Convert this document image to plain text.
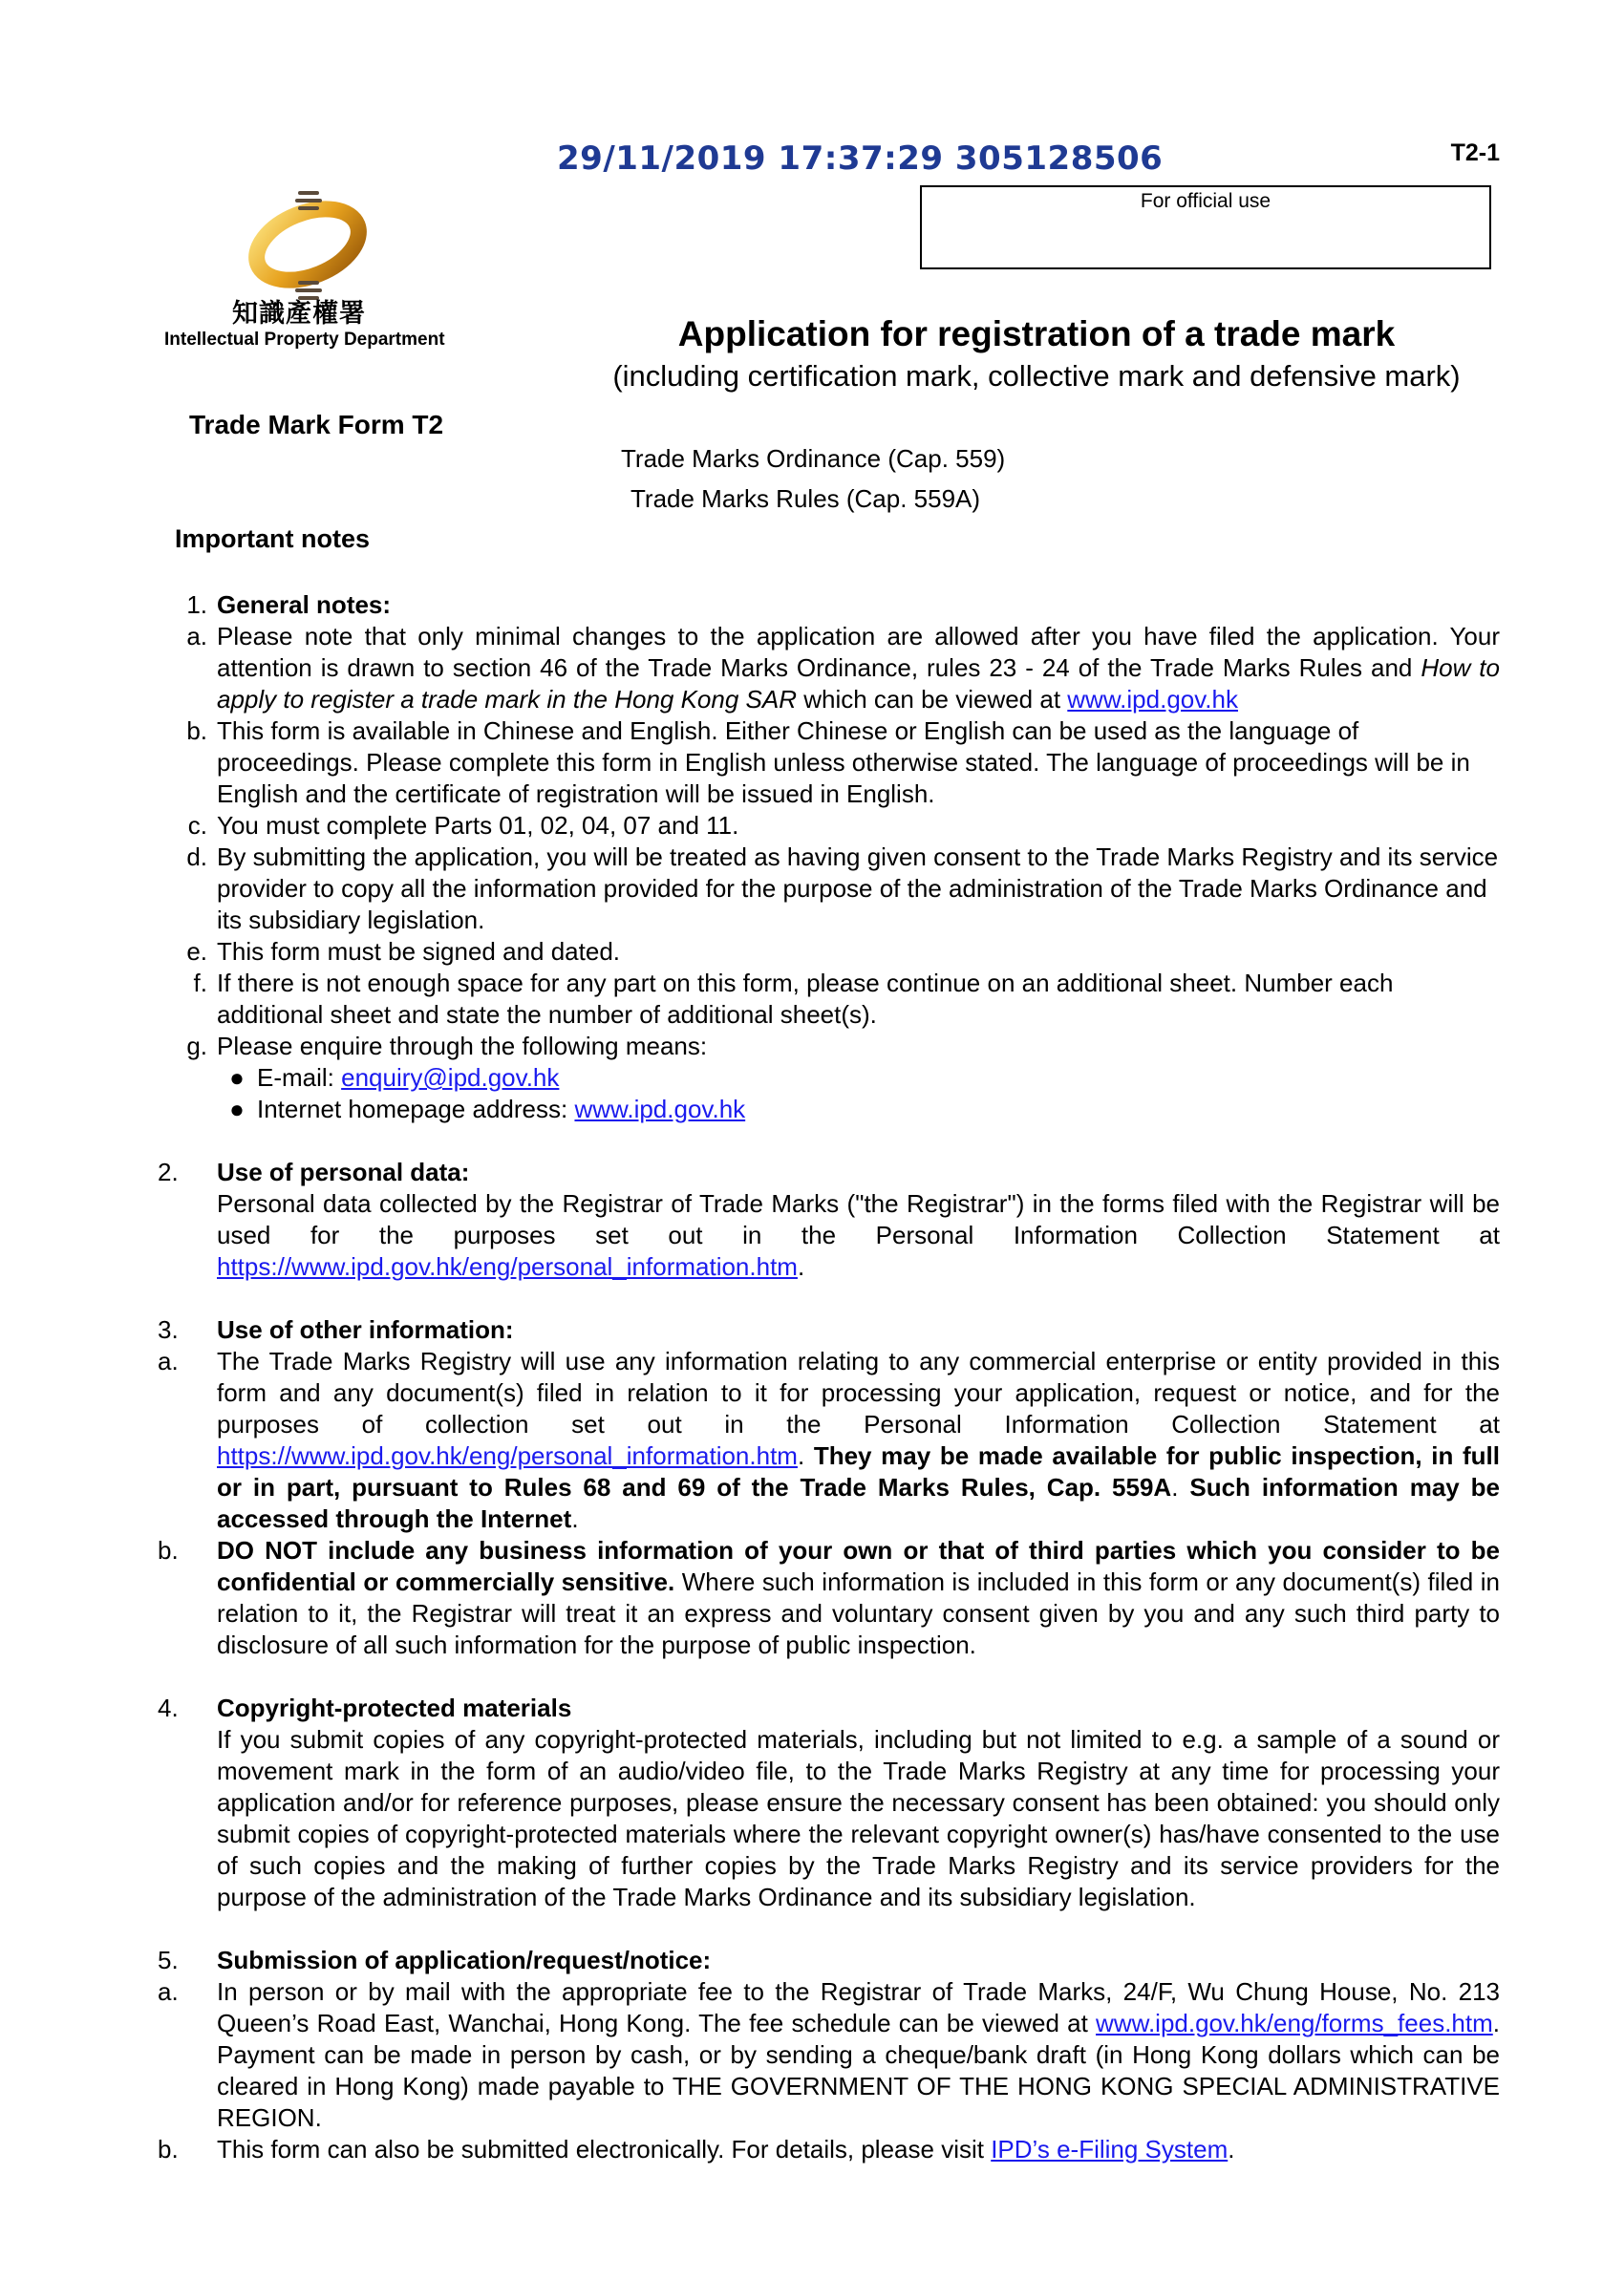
29/11/2019 17:37:29 305128506	T2-1
For official use
知識產權署
Intellectual Property Department	Application for registration of a trade mark
(including certification mark, collective mark and defensive mark)
Trade Mark Form T2
Trade Marks Ordinance (Cap. 559)
Trade Marks Rules (Cap. 559A)
Important notes
1. General notes:
a. Please note that only minimal changes to the application are allowed after you have filed the application. Your attention is drawn to section 46 of the Trade Marks Ordinance, rules 23 - 24 of the Trade Marks Rules and How to apply to register a trade mark in the Hong Kong SAR which can be viewed at www.ipd.gov.hk
b. This form is available in Chinese and English. Either Chinese or English can be used as the language of proceedings. Please complete this form in English unless otherwise stated. The language of proceedings will be in English and the certificate of registration will be issued in English.
c. You must complete Parts 01, 02, 04, 07 and 11.
d. By submitting the application, you will be treated as having given consent to the Trade Marks Registry and its service provider to copy all the information provided for the purpose of the administration of the Trade Marks Ordinance and its subsidiary legislation.
e. This form must be signed and dated.
f. If there is not enough space for any part on this form, please continue on an additional sheet. Number each additional sheet and state the number of additional sheet(s).
g. Please enquire through the following means:
● E-mail: enquiry@ipd.gov.hk
● Internet homepage address: www.ipd.gov.hk
2.	Use of personal data:
Personal data collected by the Registrar of Trade Marks ("the Registrar") in the forms filed with the Registrar will be used for the purposes set out in the Personal Information Collection Statement at https://www.ipd.gov.hk/eng/personal_information.htm.
3.	Use of other information:
a.	The Trade Marks Registry will use any information relating to any commercial enterprise or entity provided in this form and any document(s) filed in relation to it for processing your application, request or notice, and for the purposes of collection set out in the Personal Information Collection Statement at https://www.ipd.gov.hk/eng/personal_information.htm. They may be made available for public inspection, in full or in part, pursuant to Rules 68 and 69 of the Trade Marks Rules, Cap. 559A. Such information may be accessed through the Internet.
b.	DO NOT include any business information of your own or that of third parties which you consider to be confidential or commercially sensitive. Where such information is included in this form or any document(s) filed in relation to it, the Registrar will treat it an express and voluntary consent given by you and any such third party to disclosure of all such information for the purpose of public inspection.
4.	Copyright-protected materials
If you submit copies of any copyright-protected materials, including but not limited to e.g. a sample of a sound or movement mark in the form of an audio/video file, to the Trade Marks Registry at any time for processing your application and/or for reference purposes, please ensure the necessary consent has been obtained: you should only submit copies of copyright-protected materials where the relevant copyright owner(s) has/have consented to the use of such copies and the making of further copies by the Trade Marks Registry and its service providers for the purpose of the administration of the Trade Marks Ordinance and its subsidiary legislation.
5.	Submission of application/request/notice:
a.	In person or by mail with the appropriate fee to the Registrar of Trade Marks, 24/F, Wu Chung House, No. 213 Queen’s Road East, Wanchai, Hong Kong. The fee schedule can be viewed at www.ipd.gov.hk/eng/forms_fees.htm. Payment can be made in person by cash, or by sending a cheque/bank draft (in Hong Kong dollars which can be cleared in Hong Kong) made payable to THE GOVERNMENT OF THE HONG KONG SPECIAL ADMINISTRATIVE REGION.
b.	This form can also be submitted electronically. For details, please visit IPD’s e-Filing System.
